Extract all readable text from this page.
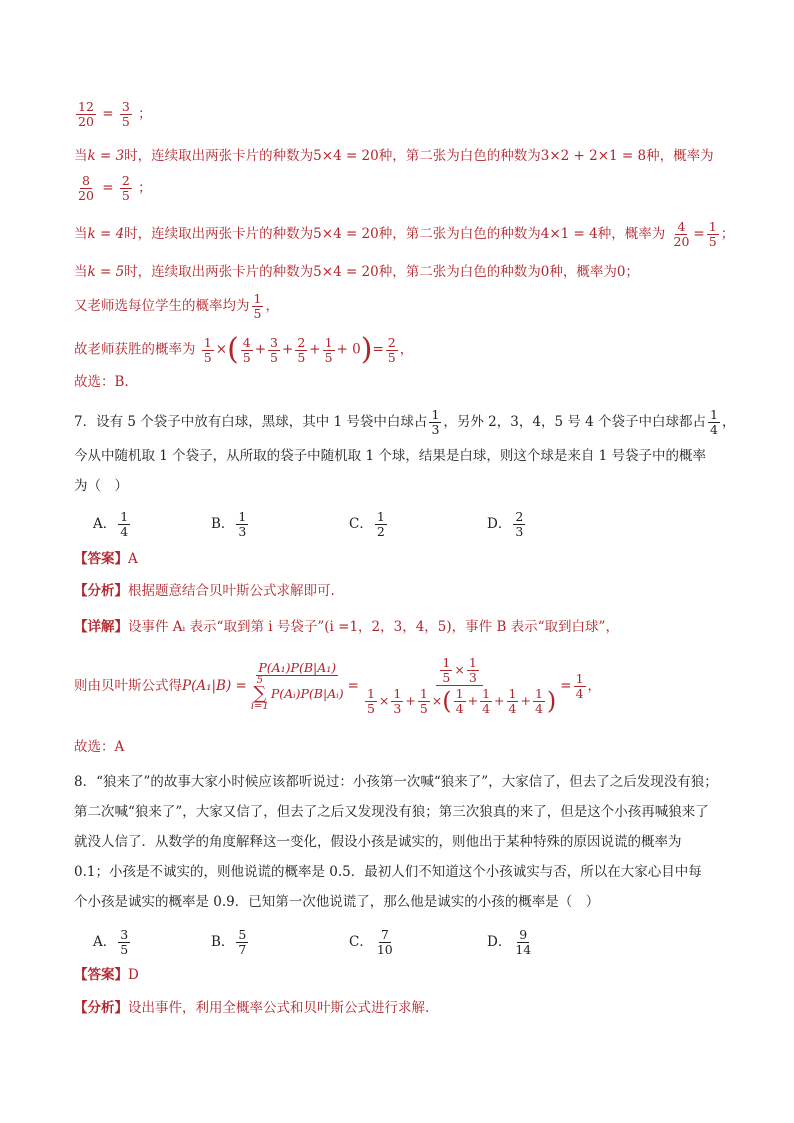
$\frac{12}{20} = \frac{3}{5}$ ；
当k = 3时，连续取出两张卡片的种数为5×4 = 20种，第二张为白色的种数为3×2 + 2×1 = 8种，概率为
$\frac{8}{20} = \frac{2}{5}$ ；
当k = 4时，连续取出两张卡片的种数为5×4 = 20种，第二张为白色的种数为4×1 = 4种，概率为 $\frac{4}{20} = \frac{1}{5}$ ；
当k = 5时，连续取出两张卡片的种数为5×4 = 20种，第二张为白色的种数为0种，概率为0；
又老师选每位学生的概率均为 $\frac{1}{5}$ ，
故老师获胜的概率为 $\frac{1}{5}$ ×( $\frac{4}{5} + \frac{3}{5} + \frac{2}{5} + \frac{1}{5} + 0)= \frac{2}{5}$ ，
故选：B.
7．设有 5 个袋子中放有白球，黑球，其中 1 号袋中白球占 $\frac{1}{3}$ ，另外 2，3，4，5 号 4 个袋子中白球都占 $\frac{1}{4}$ ，
今从中随机取 1 个袋子，从所取的袋子中随机取 1 个球，结果是白球，则这个球是来自 1 号袋子中的概率
为（　）
A． $\frac{1}{4}$	B． $\frac{1}{3}$	C． $\frac{1}{2}$	D． $\frac{2}{3}$
【答案】A
【分析】根据题意结合贝叶斯公式求解即可.
【详解】设事件 Aᵢ 表示“取到第 i 号袋子”(i =1，2，3，4，5)，事件 B 表示“取到白球”，
则由贝叶斯公式得 P(A₁|B) = P(A₁)P(B|A₁)
5
∑
i=1
P(Aᵢ)P(B|Aᵢ) = $\frac{\frac{1}{5} \times \frac{1}{3}}{\frac{1}{5} \times \frac{1}{3} + \frac{1}{5} \times ( \frac{1}{4} + \frac{1}{4} + \frac{1}{4} + \frac{1}{4} )} = \frac{1}{4}$ ，
故选：A
8．“狼来了”的故事大家小时候应该都听说过：小孩第一次喊“狼来了”，大家信了，但去了之后发现没有狼；
第二次喊“狼来了”，大家又信了，但去了之后又发现没有狼；第三次狼真的来了，但是这个小孩再喊狼来了
就没人信了．从数学的角度解释这一变化，假设小孩是诚实的，则他出于某种特殊的原因说谎的概率为
0.1；小孩是不诚实的，则他说谎的概率是 0.5．最初人们不知道这个小孩诚实与否，所以在大家心目中每
个小孩是诚实的概率是 0.9．已知第一次他说谎了，那么他是诚实的小孩的概率是（　）
A． $\frac{3}{5}$	B． $\frac{5}{7}$	C． $\frac{7}{10}$	D． $\frac{9}{14}$
【答案】D
【分析】设出事件，利用全概率公式和贝叶斯公式进行求解.
